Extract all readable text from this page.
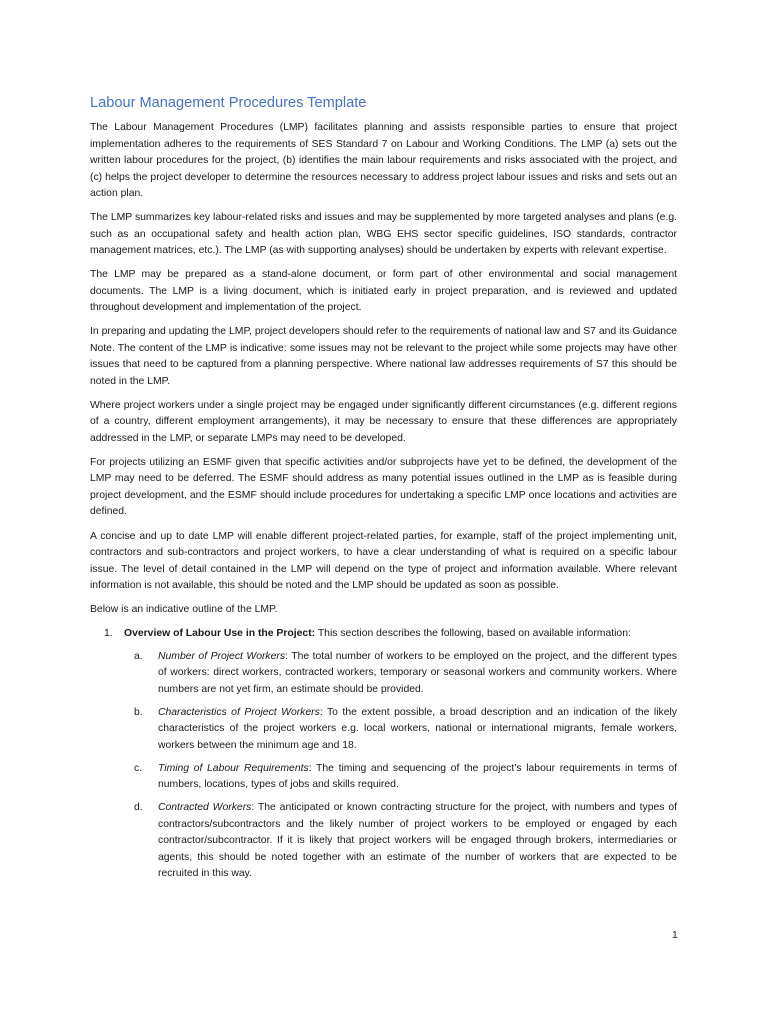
Labour Management Procedures Template

The Labour Management Procedures (LMP) facilitates planning and assists responsible parties to ensure that project implementation adheres to the requirements of SES Standard 7 on Labour and Working Conditions. The LMP (a) sets out the written labour procedures for the project, (b) identifies the main labour requirements and risks associated with the project, and (c) helps the project developer to determine the resources necessary to address project labour issues and risks and sets out an action plan.

The LMP summarizes key labour-related risks and issues and may be supplemented by more targeted analyses and plans (e.g. such as an occupational safety and health action plan, WBG EHS sector specific guidelines, ISO standards, contractor management matrices, etc.). The LMP (as with supporting analyses) should be undertaken by experts with relevant expertise.

The LMP may be prepared as a stand-alone document, or form part of other environmental and social management documents. The LMP is a living document, which is initiated early in project preparation, and is reviewed and updated throughout development and implementation of the project.

In preparing and updating the LMP, project developers should refer to the requirements of national law and S7 and its Guidance Note. The content of the LMP is indicative: some issues may not be relevant to the project while some projects may have other issues that need to be captured from a planning perspective. Where national law addresses requirements of S7 this should be noted in the LMP.

Where project workers under a single project may be engaged under significantly different circumstances (e.g. different regions of a country, different employment arrangements), it may be necessary to ensure that these differences are appropriately addressed in the LMP, or separate LMPs may need to be developed.

For projects utilizing an ESMF given that specific activities and/or subprojects have yet to be defined, the development of the LMP may need to be deferred. The ESMF should address as many potential issues outlined in the LMP as is feasible during project development, and the ESMF should include procedures for undertaking a specific LMP once locations and activities are defined.

A concise and up to date LMP will enable different project-related parties, for example, staff of the project implementing unit, contractors and sub-contractors and project workers, to have a clear understanding of what is required on a specific labour issue. The level of detail contained in the LMP will depend on the type of project and information available. Where relevant information is not available, this should be noted and the LMP should be updated as soon as possible.

Below is an indicative outline of the LMP.

1.	Overview of Labour Use in the Project: This section describes the following, based on available information:
a.	Number of Project Workers: The total number of workers to be employed on the project, and the different types of workers: direct workers, contracted workers, temporary or seasonal workers and community workers. Where numbers are not yet firm, an estimate should be provided.
b.	Characteristics of Project Workers: To the extent possible, a broad description and an indication of the likely characteristics of the project workers e.g. local workers, national or international migrants, female workers, workers between the minimum age and 18.
c.	Timing of Labour Requirements: The timing and sequencing of the project’s labour requirements in terms of numbers, locations, types of jobs and skills required.
d.	Contracted Workers: The anticipated or known contracting structure for the project, with numbers and types of contractors/subcontractors and the likely number of project workers to be employed or engaged by each contractor/subcontractor. If it is likely that project workers will be engaged through brokers, intermediaries or agents, this should be noted together with an estimate of the number of workers that are expected to be recruited in this way.
1
